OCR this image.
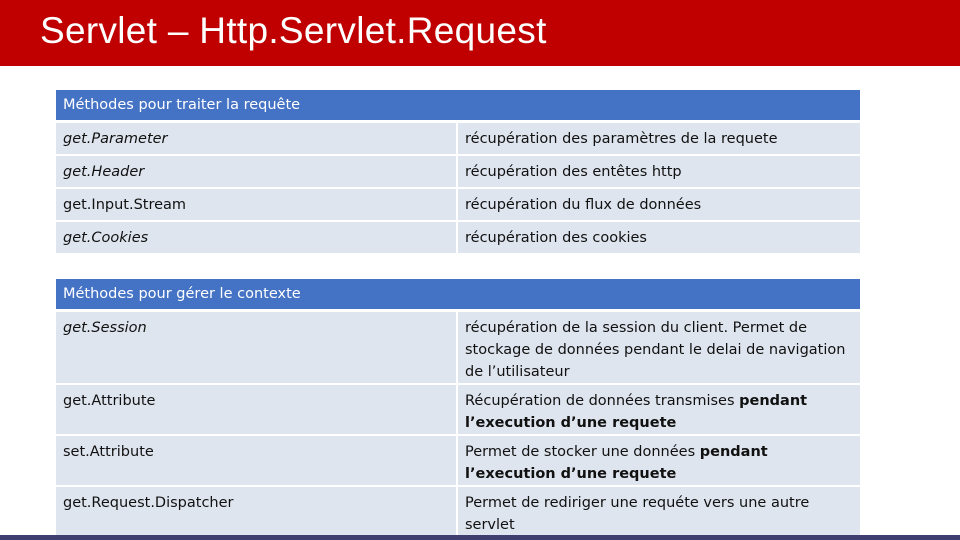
Servlet – Http.Servlet.Request
Méthodes pour traiter la requête	
get.Parameter	récupération des paramètres de la requete
get.Header	récupération des entêtes http
get.Input.Stream	récupération du flux de données
get.Cookies	récupération des cookies
Méthodes pour gérer le contexte	
get.Session	récupération de la session du client. Permet de stockage de données pendant le delai de navigation de l’utilisateur
get.Attribute	Récupération de données transmises pendant l’execution d’une requete
set.Attribute	Permet de stocker une données pendant l’execution d’une requete
get.Request.Dispatcher	Permet de rediriger une requéte vers une autre servlet
